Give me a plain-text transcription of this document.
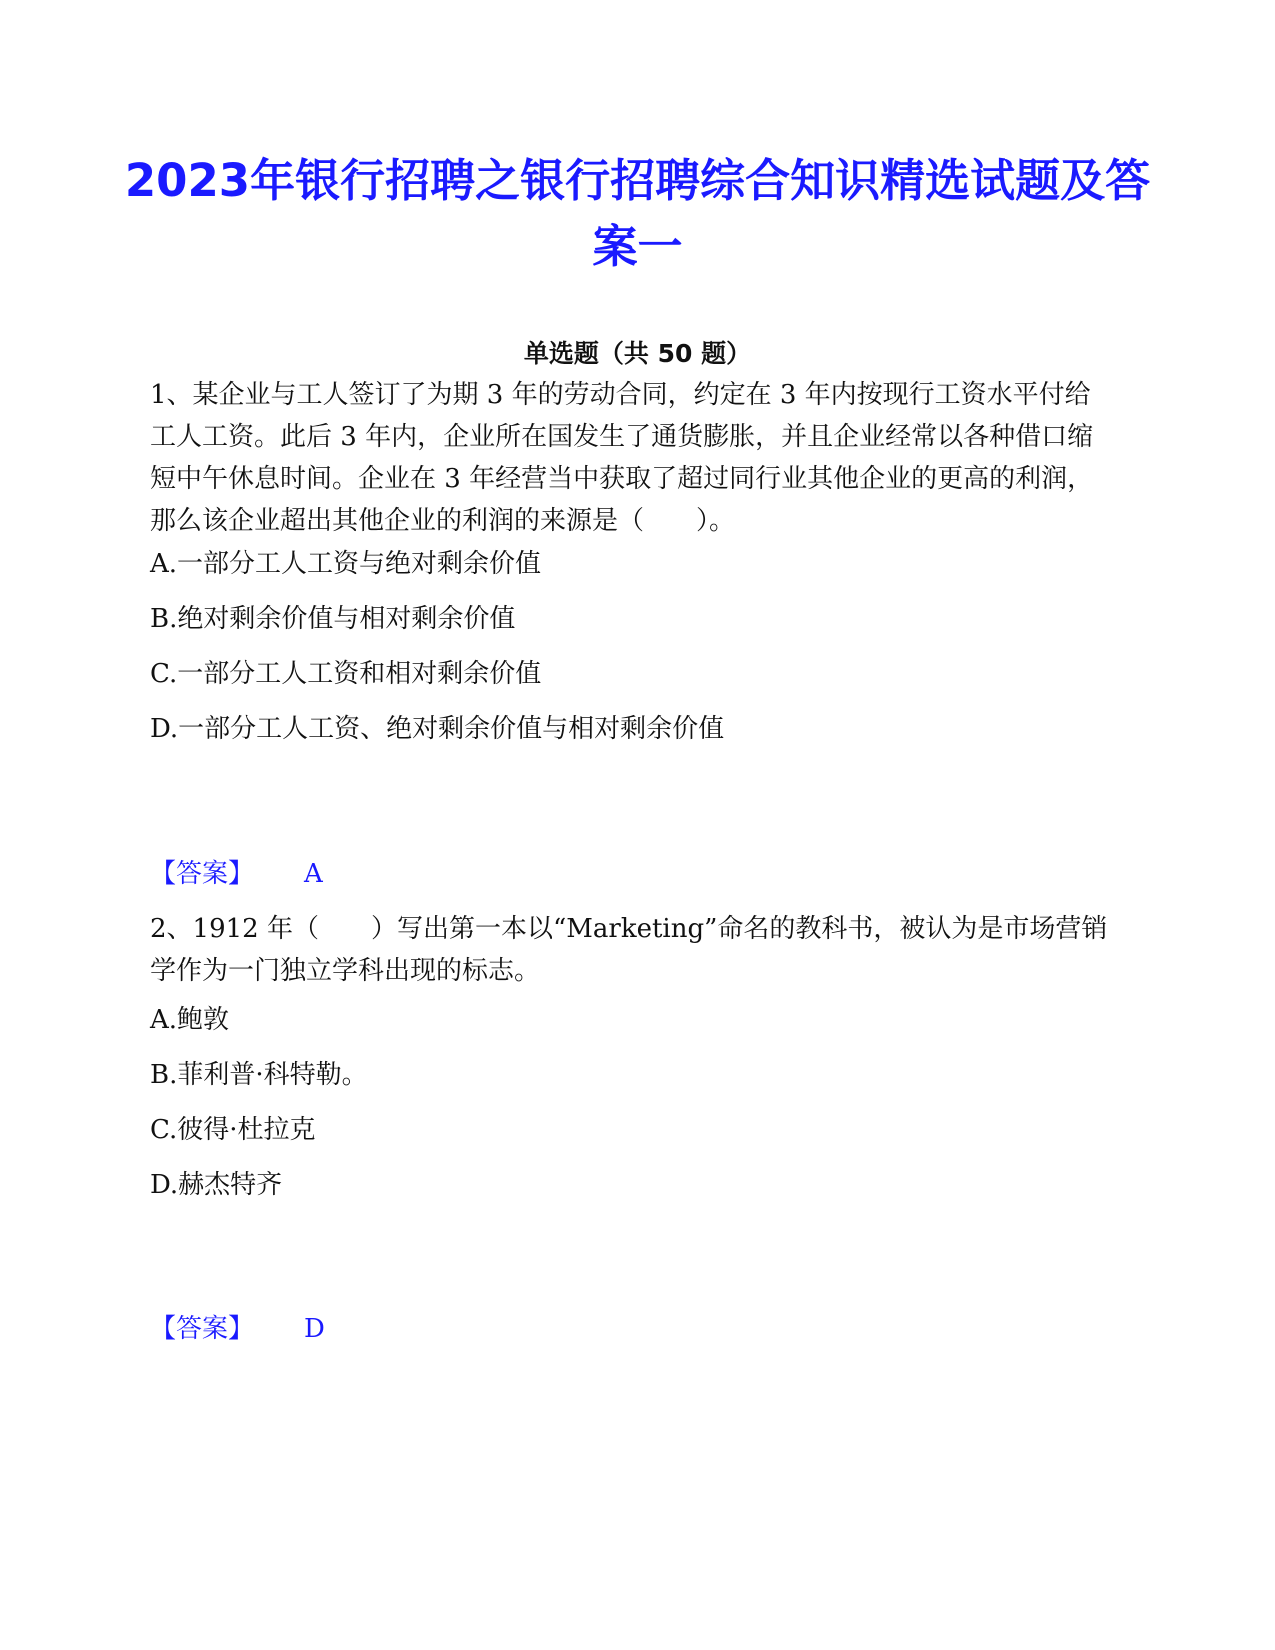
2023年银行招聘之银行招聘综合知识精选试题及答案一
单选题（共 50 题）

1、某企业与工人签订了为期 3 年的劳动合同，约定在 3 年内按现行工资水平付给工人工资。此后 3 年内，企业所在国发生了通货膨胀，并且企业经常以各种借口缩短中午休息时间。企业在 3 年经营当中获取了超过同行业其他企业的更高的利润，那么该企业超出其他企业的利润的来源是（　　）。

A.一部分工人工资与绝对剩余价值

B.绝对剩余价值与相对剩余价值

C.一部分工人工资和相对剩余价值

D.一部分工人工资、绝对剩余价值与相对剩余价值

【答案】 A

2、1912 年（　　）写出第一本以“Marketing”命名的教科书，被认为是市场营销学作为一门独立学科出现的标志。

A.鲍敦

B.菲利普·科特勒。

C.彼得·杜拉克

D.赫杰特齐

【答案】 D
